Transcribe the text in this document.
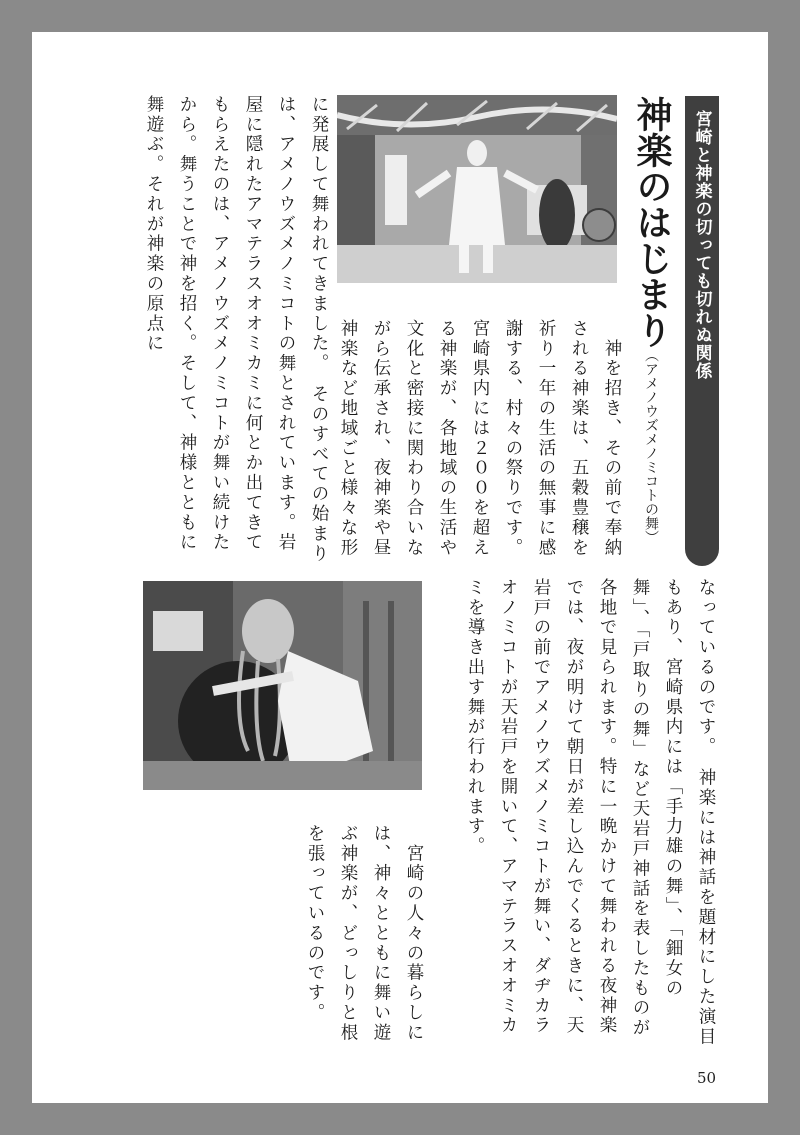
宮崎と神楽の切っても切れぬ関係
神楽のはじまり（アメノウズメノミコトの舞）
　神を招き、その前で奉納される神楽は、五穀豊穣を祈り一年の生活の無事に感謝する、村々の祭りです。宮崎県内には２００を超える神楽が、各地域の生活や文化と密接に関わり合いながら伝承され、夜神楽や昼神楽など地域ごと様々な形
に発展して舞われてきました。　そのすべての始まりは、アメノウズメノミコトの舞とされています。岩屋に隠れたアマテラスオオミカミに何とか出てきてもらえたのは、アメノウズメノミコトが舞い続けたから。舞うことで神を招く。そして、神様とともに舞遊ぶ。それが神楽の原点に
なっているのです。　神楽には神話を題材にした演目もあり、宮崎県内には「手力雄の舞」、「鈿女の舞」、「戸取りの舞」など天岩戸神話を表したものが各地で見られます。特に一晩かけて舞われる夜神楽では、夜が明けて朝日が差し込んでくるときに、天岩戸の前でアメノウズメノミコトが舞い、ダヂカラオノミコトが天岩戸を開いて、アマテラスオオミカミを導き出す舞が行われます。
　宮崎の人々の暮らしには、神々とともに舞い遊ぶ神楽が、どっしりと根を張っているのです。
50
